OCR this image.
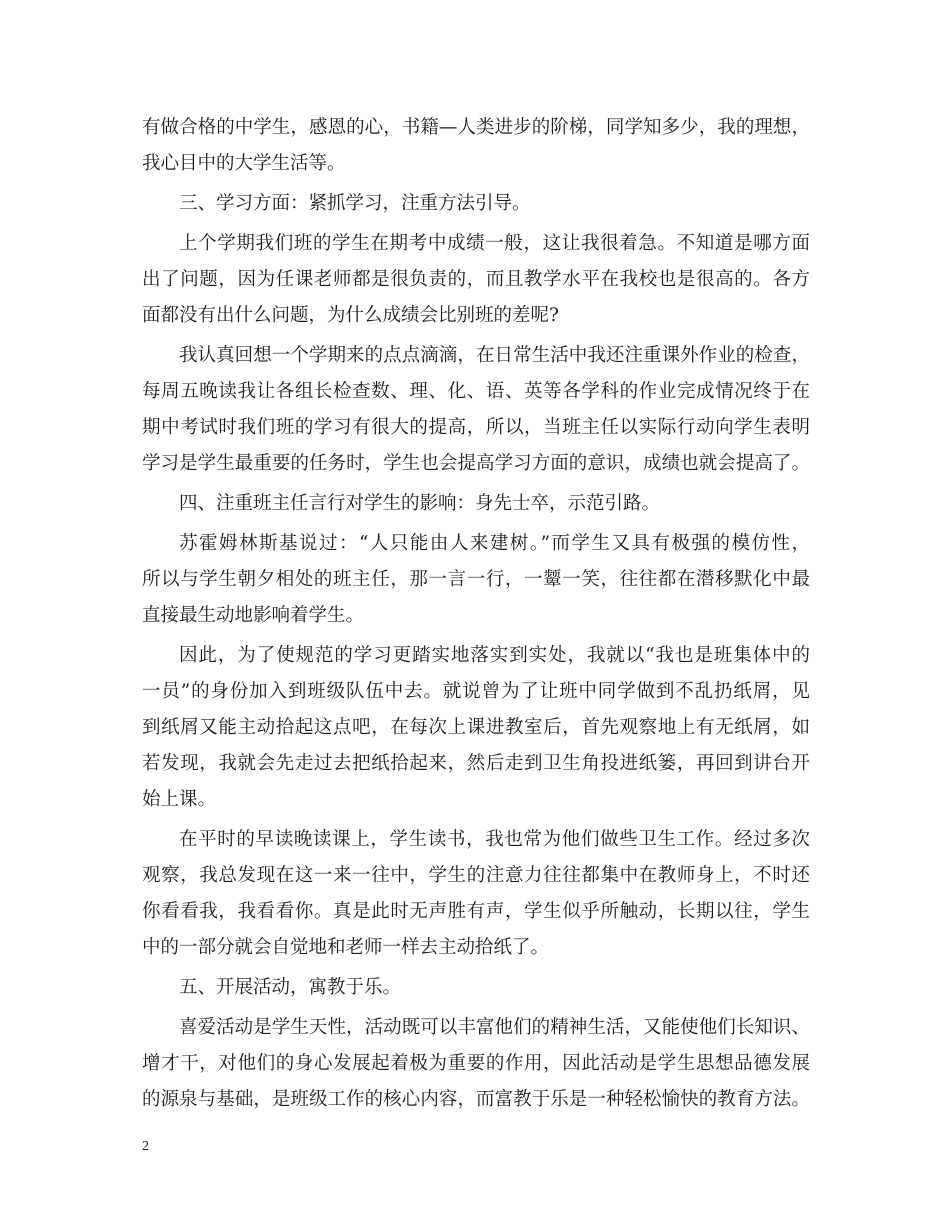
有做合格的中学生，感恩的心，书籍—人类进步的阶梯，同学知多少，我的理想，
我心目中的大学生活等。
三、学习方面：紧抓学习，注重方法引导。
上个学期我们班的学生在期考中成绩一般，这让我很着急。不知道是哪方面
出了问题，因为任课老师都是很负责的，而且教学水平在我校也是很高的。各方
面都没有出什么问题，为什么成绩会比别班的差呢?
我认真回想一个学期来的点点滴滴，在日常生活中我还注重课外作业的检查，
每周五晚读我让各组长检查数、理、化、语、英等各学科的作业完成情况终于在
期中考试时我们班的学习有很大的提高，所以，当班主任以实际行动向学生表明
学习是学生最重要的任务时，学生也会提高学习方面的意识，成绩也就会提高了。
四、注重班主任言行对学生的影响：身先士卒，示范引路。
苏霍姆林斯基说过：“人只能由人来建树。”而学生又具有极强的模仿性，
所以与学生朝夕相处的班主任，那一言一行，一颦一笑，往往都在潜移默化中最
直接最生动地影响着学生。
因此，为了使规范的学习更踏实地落实到实处，我就以“我也是班集体中的
一员”的身份加入到班级队伍中去。就说曾为了让班中同学做到不乱扔纸屑，见
到纸屑又能主动拾起这点吧，在每次上课进教室后，首先观察地上有无纸屑，如
若发现，我就会先走过去把纸拾起来，然后走到卫生角投进纸篓，再回到讲台开
始上课。
在平时的早读晚读课上，学生读书，我也常为他们做些卫生工作。经过多次
观察，我总发现在这一来一往中，学生的注意力往往都集中在教师身上，不时还
你看看我，我看看你。真是此时无声胜有声，学生似乎所触动，长期以往，学生
中的一部分就会自觉地和老师一样去主动拾纸了。
五、开展活动，寓教于乐。
喜爱活动是学生天性，活动既可以丰富他们的精神生活，又能使他们长知识、
增才干，对他们的身心发展起着极为重要的作用，因此活动是学生思想品德发展
的源泉与基础，是班级工作的核心内容，而富教于乐是一种轻松愉快的教育方法。
2
